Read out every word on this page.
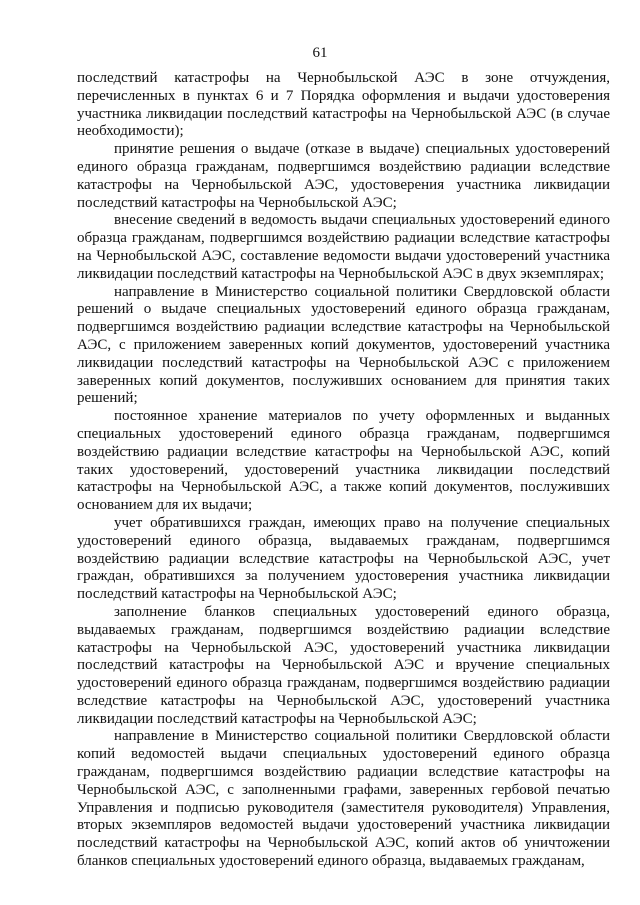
61

последствий катастрофы на Чернобыльской АЭС в зоне отчуждения, перечисленных в пунктах 6 и 7 Порядка оформления и выдачи удостоверения участника ликвидации последствий катастрофы на Чернобыльской АЭС (в случае необходимости);

принятие решения о выдаче (отказе в выдаче) специальных удостоверений единого образца гражданам, подвергшимся воздействию радиации вследствие катастрофы на Чернобыльской АЭС, удостоверения участника ликвидации последствий катастрофы на Чернобыльской АЭС;

внесение сведений в ведомость выдачи специальных удостоверений единого образца гражданам, подвергшимся воздействию радиации вследствие катастрофы на Чернобыльской АЭС, составление ведомости выдачи удостоверений участника ликвидации последствий катастрофы на Чернобыльской АЭС в двух экземплярах;

направление в Министерство социальной политики Свердловской области решений о выдаче специальных удостоверений единого образца гражданам, подвергшимся воздействию радиации вследствие катастрофы на Чернобыльской АЭС, с приложением заверенных копий документов, удостоверений участника ликвидации последствий катастрофы на Чернобыльской АЭС с приложением заверенных копий документов, послуживших основанием для принятия таких решений;

постоянное хранение материалов по учету оформленных и выданных специальных удостоверений единого образца гражданам, подвергшимся воздействию радиации вследствие катастрофы на Чернобыльской АЭС, копий таких удостоверений, удостоверений участника ликвидации последствий катастрофы на Чернобыльской АЭС, а также копий документов, послуживших основанием для их выдачи;

учет обратившихся граждан, имеющих право на получение специальных удостоверений единого образца, выдаваемых гражданам, подвергшимся воздействию радиации вследствие катастрофы на Чернобыльской АЭС, учет граждан, обратившихся за получением удостоверения участника ликвидации последствий катастрофы на Чернобыльской АЭС;

заполнение бланков специальных удостоверений единого образца, выдаваемых гражданам, подвергшимся воздействию радиации вследствие катастрофы на Чернобыльской АЭС, удостоверений участника ликвидации последствий катастрофы на Чернобыльской АЭС и вручение специальных удостоверений единого образца гражданам, подвергшимся воздействию радиации вследствие катастрофы на Чернобыльской АЭС, удостоверений участника ликвидации последствий катастрофы на Чернобыльской АЭС;

направление в Министерство социальной политики Свердловской области копий ведомостей выдачи специальных удостоверений единого образца гражданам, подвергшимся воздействию радиации вследствие катастрофы на Чернобыльской АЭС, с заполненными графами, заверенных гербовой печатью Управления и подписью руководителя (заместителя руководителя) Управления, вторых экземпляров ведомостей выдачи удостоверений участника ликвидации последствий катастрофы на Чернобыльской АЭС, копий актов об уничтожении бланков специальных удостоверений единого образца, выдаваемых гражданам,
